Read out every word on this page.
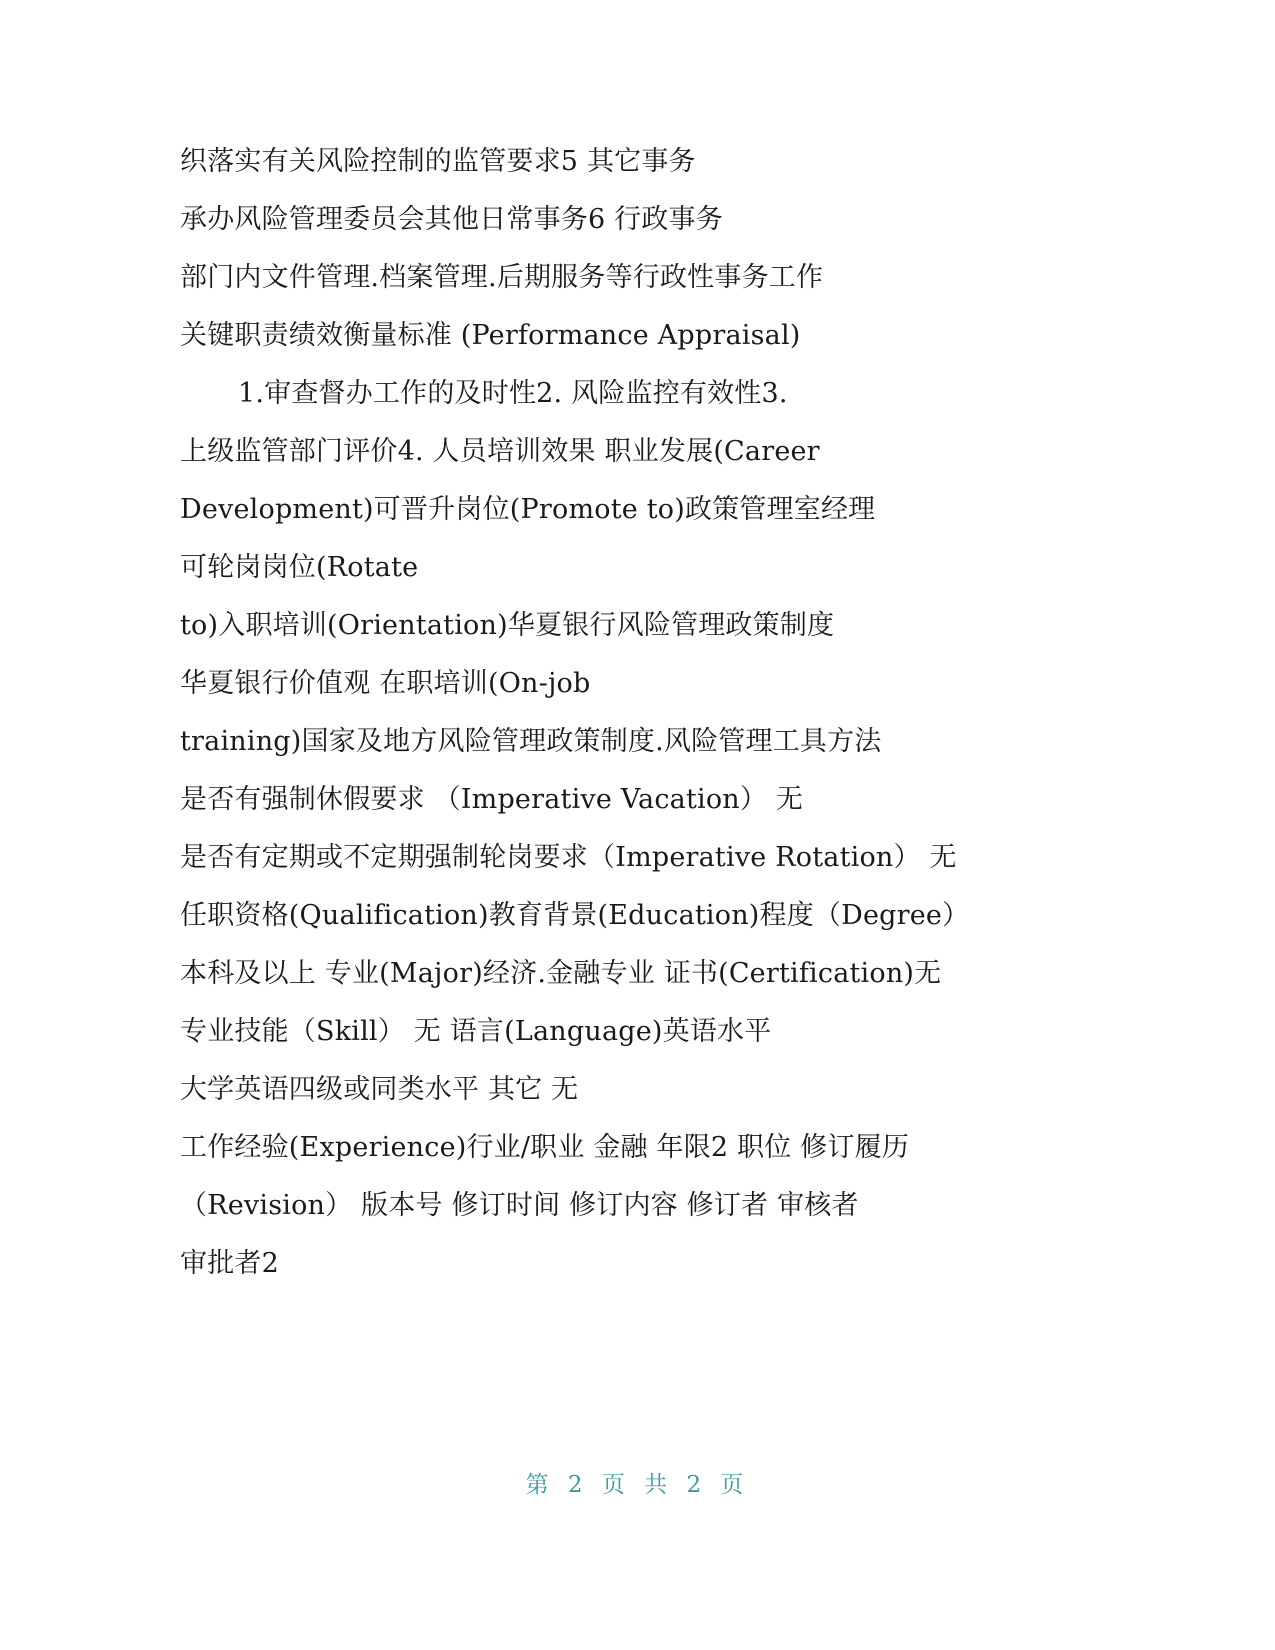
织落实有关风险控制的监管要求5 其它事务
承办风险管理委员会其他日常事务6 行政事务
部门内文件管理.档案管理.后期服务等行政性事务工作
关键职责绩效衡量标准 (Performance Appraisal)
1.审查督办工作的及时性2. 风险监控有效性3.
上级监管部门评价4. 人员培训效果 职业发展(Career
Development)可晋升岗位(Promote to)政策管理室经理
可轮岗岗位(Rotate
to)入职培训(Orientation)华夏银行风险管理政策制度
华夏银行价值观 在职培训(On-job
training)国家及地方风险管理政策制度.风险管理工具方法
是否有强制休假要求 （Imperative Vacation） 无
是否有定期或不定期强制轮岗要求（Imperative Rotation） 无
任职资格(Qualification)教育背景(Education)程度（Degree）
本科及以上 专业(Major)经济.金融专业 证书(Certification)无
专业技能（Skill） 无 语言(Language)英语水平
大学英语四级或同类水平 其它 无
工作经验(Experience)行业/职业 金融 年限2 职位 修订履历
（Revision） 版本号 修订时间 修订内容 修订者 审核者
审批者2
第 2 页 共 2 页
